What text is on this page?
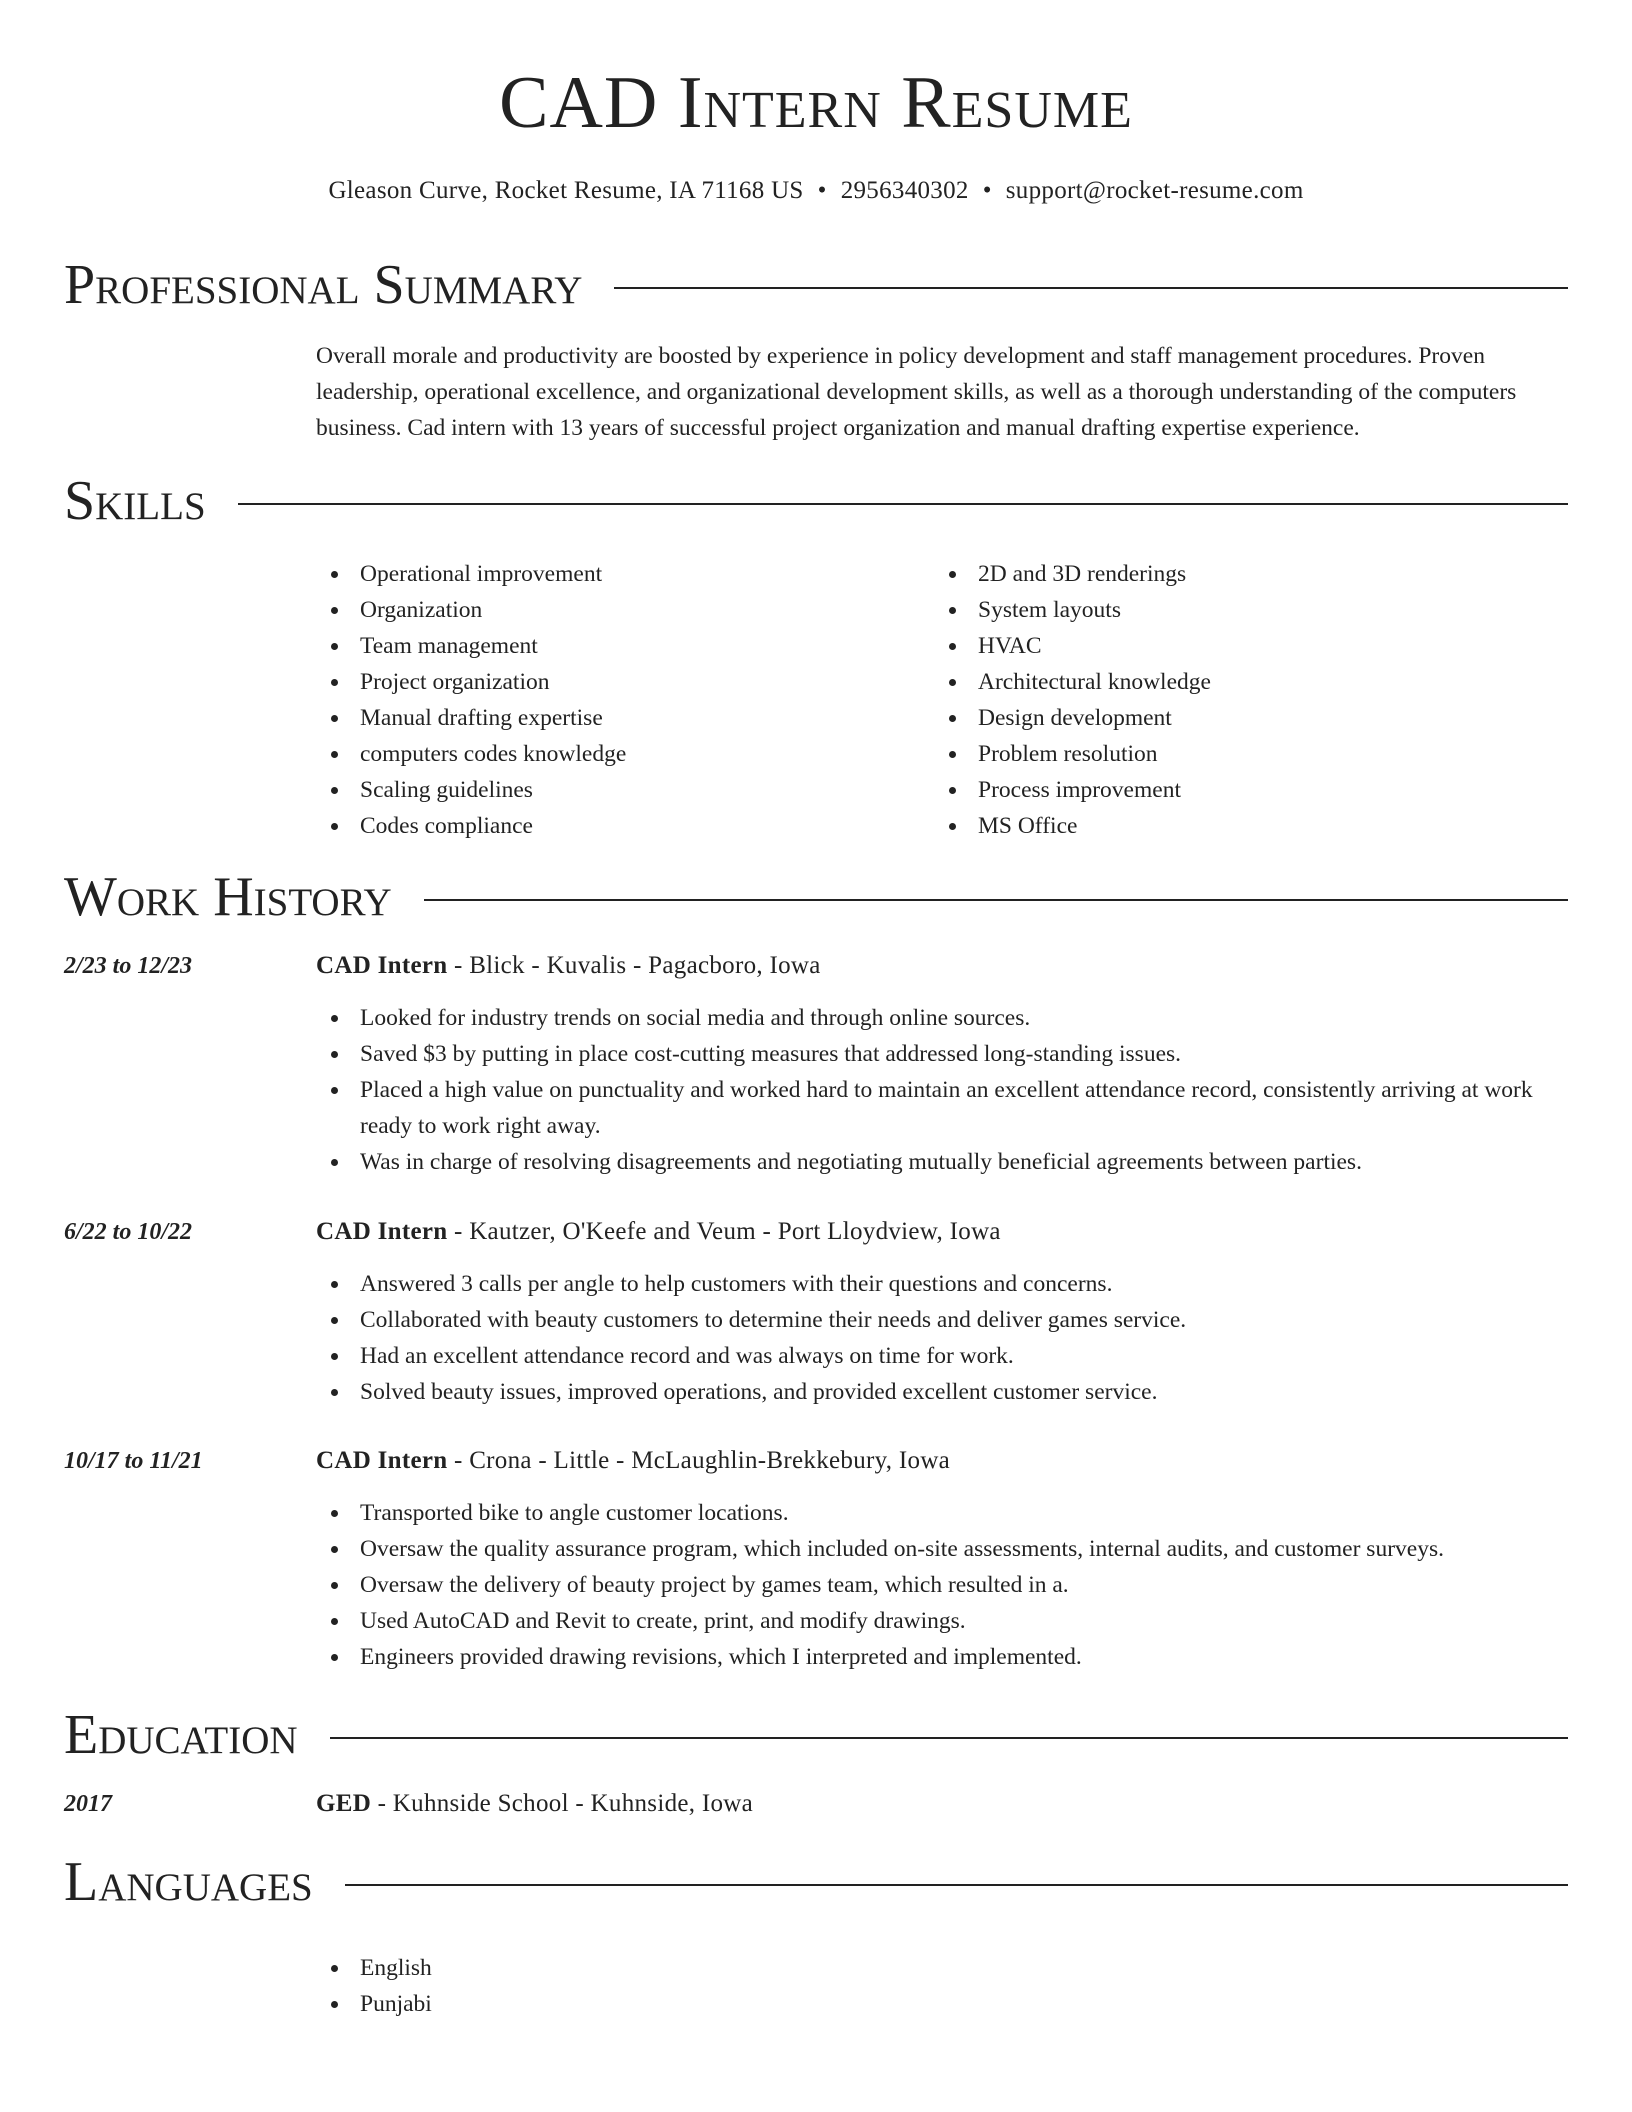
CAD Intern Resume
Gleason Curve, Rocket Resume, IA 71168 US • 2956340302 • support@rocket-resume.com
Professional Summary

Overall morale and productivity are boosted by experience in policy development and staff management procedures. Proven leadership, operational excellence, and organizational development skills, as well as a thorough understanding of the computers business. Cad intern with 13 years of successful project organization and manual drafting expertise experience.

Skills
Operational improvement
Organization
Team management
Project organization
Manual drafting expertise
computers codes knowledge
Scaling guidelines
Codes compliance
2D and 3D renderings
System layouts
HVAC
Architectural knowledge
Design development
Problem resolution
Process improvement
MS Office
Work History
2/23 to 12/23	CAD Intern - Blick - Kuvalis - Pagacboro, Iowa
Looked for industry trends on social media and through online sources.
Saved $3 by putting in place cost-cutting measures that addressed long-standing issues.
Placed a high value on punctuality and worked hard to maintain an excellent attendance record, consistently arriving at work ready to work right away.
Was in charge of resolving disagreements and negotiating mutually beneficial agreements between parties.
6/22 to 10/22	CAD Intern - Kautzer, O'Keefe and Veum - Port Lloydview, Iowa
Answered 3 calls per angle to help customers with their questions and concerns.
Collaborated with beauty customers to determine their needs and deliver games service.
Had an excellent attendance record and was always on time for work.
Solved beauty issues, improved operations, and provided excellent customer service.
10/17 to 11/21	CAD Intern - Crona - Little - McLaughlin-Brekkebury, Iowa
Transported bike to angle customer locations.
Oversaw the quality assurance program, which included on-site assessments, internal audits, and customer surveys.
Oversaw the delivery of beauty project by games team, which resulted in a.
Used AutoCAD and Revit to create, print, and modify drawings.
Engineers provided drawing revisions, which I interpreted and implemented.
Education
2017	GED - Kuhnside School - Kuhnside, Iowa
Languages
English
Punjabi
